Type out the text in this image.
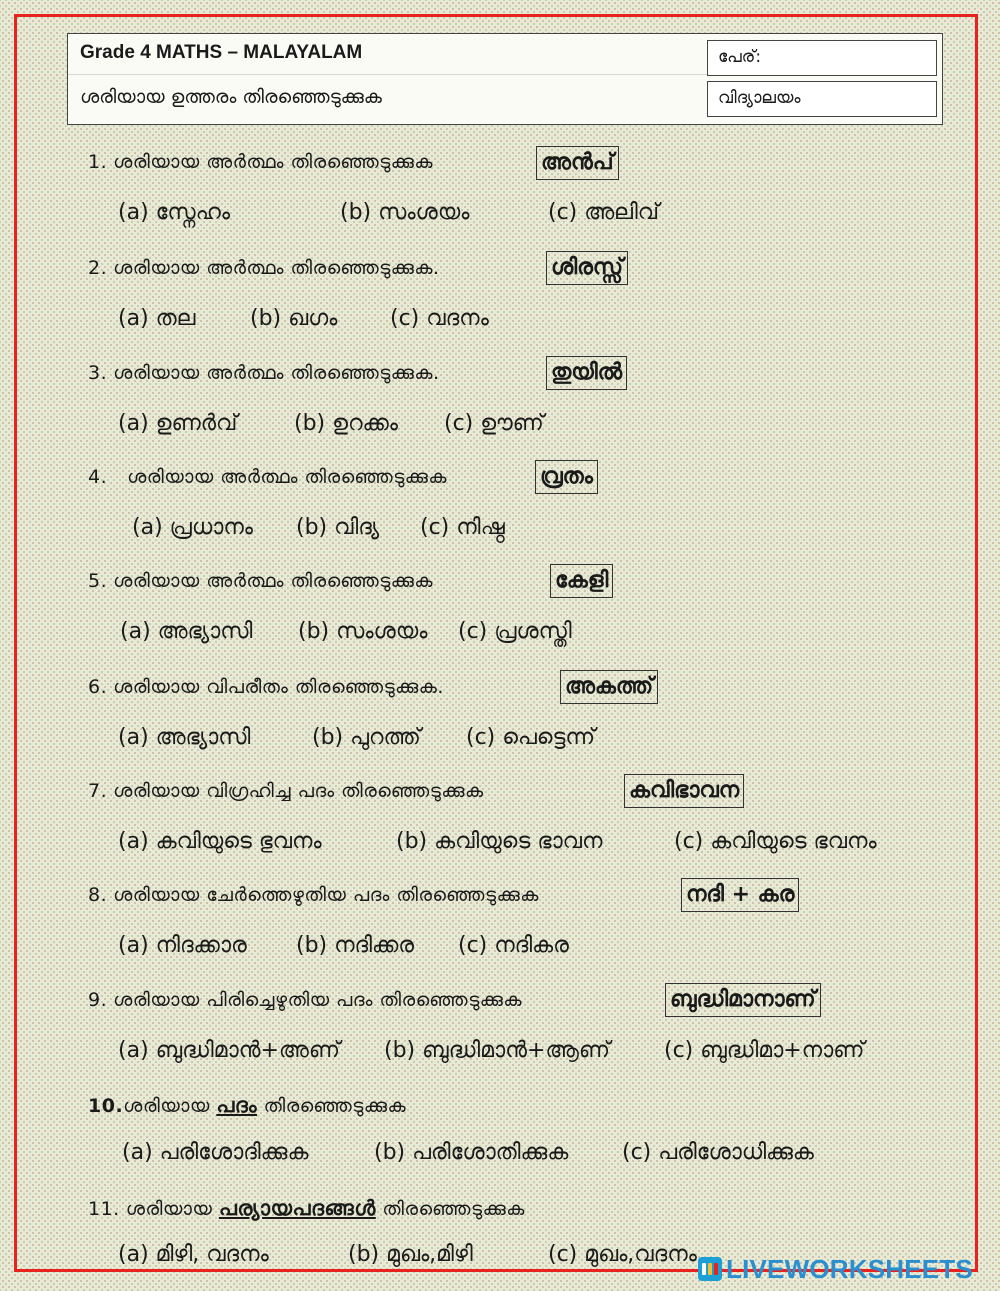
Grade 4 MATHS – MALAYALAM
ശരിയായ ഉത്തരം തിരഞ്ഞെടുക്കുക
പേര്:
വിദ്യാലയം
1. ശരിയായ അർത്ഥം തിരഞ്ഞെടുക്കുക	അൻപ്
(a) സ്നേഹം	(b) സംശയം	(c) അലിവ്
2. ശരിയായ അർത്ഥം തിരഞ്ഞെടുക്കുക.	ശിരസ്സ്
(a) തല (b) ഖഗം (c) വദനം
3. ശരിയായ അർത്ഥം തിരഞ്ഞെടുക്കുക.	തുയിൽ
(a) ഉണർവ്	(b) ഉറക്കം (c) ഊണ്
4. ശരിയായ അർത്ഥം തിരഞ്ഞെടുക്കുക	വ്രതം
(a) പ്രധാനം (b) വിദ്യ (c) നിഷ്ഠ
5. ശരിയായ അർത്ഥം തിരഞ്ഞെടുക്കുക	കേളി
(a) അഭ്യാസി (b) സംശയം (c) പ്രശസ്തി
6. ശരിയായ വിപരീതം തിരഞ്ഞെടുക്കുക.	അകത്ത്
(a) അഭ്യാസി	(b) പുറത്ത് (c) പെട്ടെന്ന്
7. ശരിയായ വിഗ്രഹിച്ച പദം തിരഞ്ഞെടുക്കുക	കവിഭാവന
(a) കവിയുടെ ഭുവനം	(b) കവിയുടെ ഭാവന	(c) കവിയുടെ ഭവനം
8. ശരിയായ ചേർത്തെഴുതിയ പദം തിരഞ്ഞെടുക്കുക	നദി + കര
(a) നിദക്കാര (b) നദിക്കര (c) നദികര
9. ശരിയായ പിരിച്ചെഴുതിയ പദം തിരഞ്ഞെടുക്കുക	ബുദ്ധിമാനാണ്
(a) ബുദ്ധിമാൻ+അണ് (b) ബുദ്ധിമാൻ+ആണ് (c) ബുദ്ധിമാ+നാണ്
10.ശരിയായ പദം തിരഞ്ഞെടുക്കുക
(a) പരിശോദിക്കുക	(b) പരിശോതിക്കുക (c) പരിശോധിക്കുക
11. ശരിയായ പര്യായപദങ്ങൾ തിരഞ്ഞെടുക്കുക
(a) മിഴി, വദനം	(b) മുഖം,മിഴി	(c) മുഖം,വദനം LIVEWORKSHEETS
